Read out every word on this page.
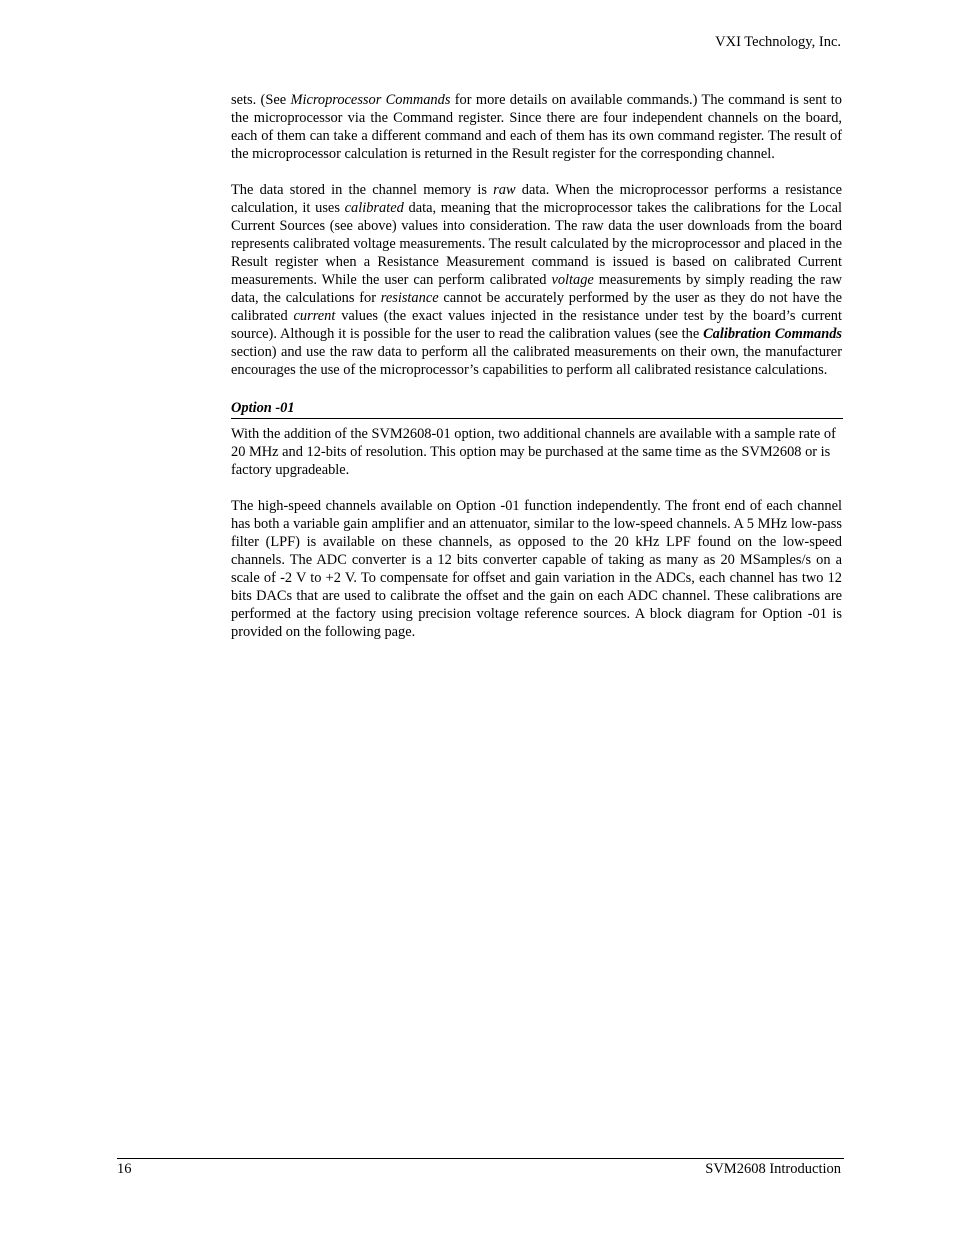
VXI Technology, Inc.

sets. (See Microprocessor Commands for more details on available commands.) The command is sent to the microprocessor via the Command register. Since there are four independent channels on the board, each of them can take a different command and each of them has its own command register. The result of the microprocessor calculation is returned in the Result register for the corresponding channel.

The data stored in the channel memory is raw data. When the microprocessor performs a resistance calculation, it uses calibrated data, meaning that the microprocessor takes the calibrations for the Local Current Sources (see above) values into consideration. The raw data the user downloads from the board represents calibrated voltage measurements. The result calculated by the microprocessor and placed in the Result register when a Resistance Measurement command is issued is based on calibrated Current measurements. While the user can perform calibrated voltage measurements by simply reading the raw data, the calculations for resistance cannot be accurately performed by the user as they do not have the calibrated current values (the exact values injected in the resistance under test by the board’s current source). Although it is possible for the user to read the calibration values (see the Calibration Commands section) and use the raw data to perform all the calibrated measurements on their own, the manufacturer encourages the use of the microprocessor’s capabilities to perform all calibrated resistance calculations.

Option -01

With the addition of the SVM2608-01 option, two additional channels are available with a sample rate of 20 MHz and 12-bits of resolution. This option may be purchased at the same time as the SVM2608 or is factory upgradeable.

The high-speed channels available on Option -01 function independently. The front end of each channel has both a variable gain amplifier and an attenuator, similar to the low-speed channels. A 5 MHz low-pass filter (LPF) is available on these channels, as opposed to the 20 kHz LPF found on the low-speed channels. The ADC converter is a 12 bits converter capable of taking as many as 20 MSamples/s on a scale of -2 V to +2 V. To compensate for offset and gain variation in the ADCs, each channel has two 12 bits DACs that are used to calibrate the offset and the gain on each ADC channel. These calibrations are performed at the factory using precision voltage reference sources. A block diagram for Option -01 is provided on the following page.

16	SVM2608 Introduction
